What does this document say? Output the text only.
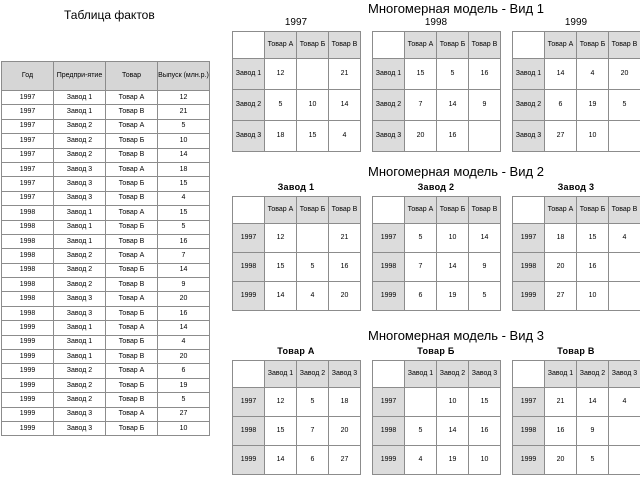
Таблица фактов
Год	Предпри-ятие	Товар	Выпуск (млн.р.)
1997	Завод 1	Товар А	12
1997	Завод 1	Товар В	21
1997	Завод 2	Товар А	5
1997	Завод 2	Товар Б	10
1997	Завод 2	Товар В	14
1997	Завод 3	Товар А	18
1997	Завод 3	Товар Б	15
1997	Завод 3	Товар В	4
1998	Завод 1	Товар А	15
1998	Завод 1	Товар Б	5
1998	Завод 1	Товар В	16
1998	Завод 2	Товар А	7
1998	Завод 2	Товар Б	14
1998	Завод 2	Товар В	9
1998	Завод 3	Товар А	20
1998	Завод 3	Товар Б	16
1999	Завод 1	Товар А	14
1999	Завод 1	Товар Б	4
1999	Завод 1	Товар В	20
1999	Завод 2	Товар А	6
1999	Завод 2	Товар Б	19
1999	Завод 2	Товар В	5
1999	Завод 3	Товар А	27
1999	Завод 3	Товар Б	10
Многомерная модель - Вид 1
1997
	Товар А	Товар Б	Товар В
Завод 1	12		21
Завод 2	5	10	14
Завод 3	18	15	4
1998
	Товар А	Товар Б	Товар В
Завод 1	15	5	16
Завод 2	7	14	9
Завод 3	20	16	
1999
	Товар А	Товар Б	Товар В
Завод 1	14	4	20
Завод 2	6	19	5
Завод 3	27	10	
Многомерная модель - Вид 2
Завод 1
	Товар А	Товар Б	Товар В
1997	12		21
1998	15	5	16
1999	14	4	20
Завод 2
	Товар А	Товар Б	Товар В
1997	5	10	14
1998	7	14	9
1999	6	19	5
Завод 3
	Товар А	Товар Б	Товар В
1997	18	15	4
1998	20	16	
1999	27	10	
Многомерная модель - Вид 3
Товар А
	Завод 1	Завод 2	Завод 3
1997	12	5	18
1998	15	7	20
1999	14	6	27
Товар Б
	Завод 1	Завод 2	Завод 3
1997		10	15
1998	5	14	16
1999	4	19	10
Товар В
	Завод 1	Завод 2	Завод 3
1997	21	14	4
1998	16	9	
1999	20	5	
